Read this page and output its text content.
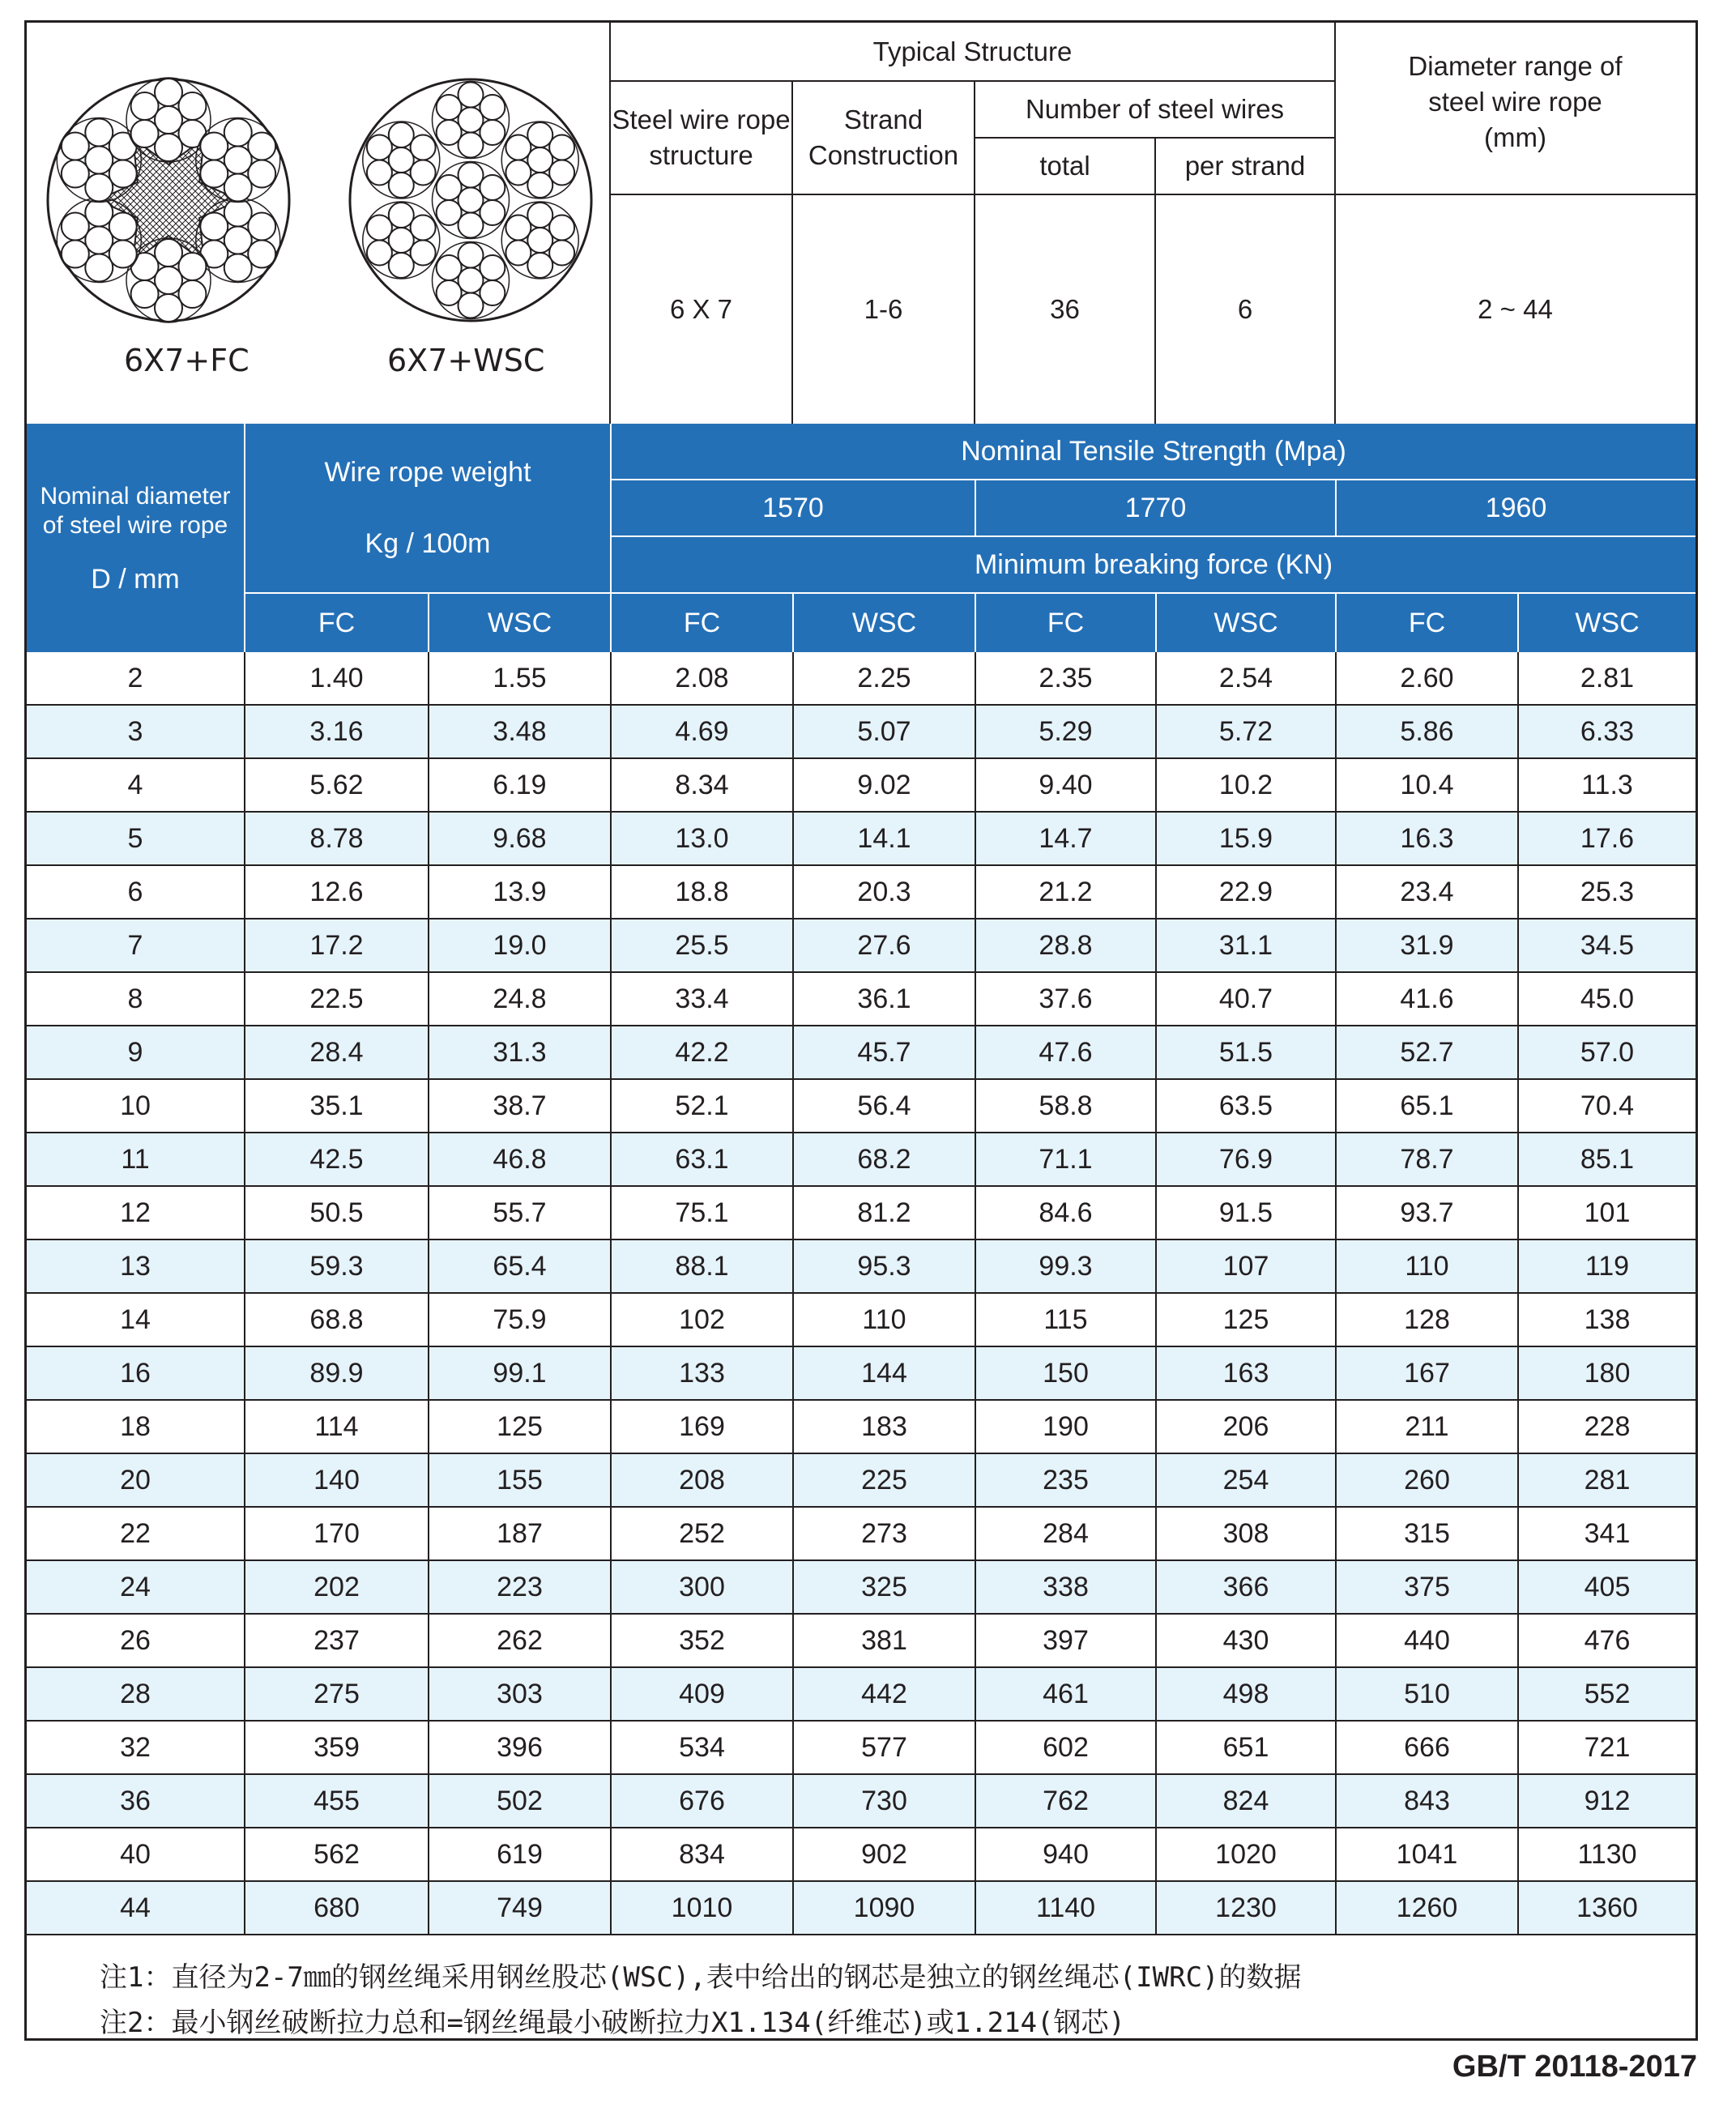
6X7+FC	6X7+WSC
Typical Structure
Steel wire rope
structure
Strand
Construction
Number of steel wires
total	per strand
Diameter range of
steel wire rope
(mm)
6 X 7	1-6	36	6	2 ~ 44
Nominal diameter
of steel wire rope
D / mm
Wire rope weight
Kg / 100m
Nominal Tensile Strength (Mpa)
1570	1770	1960
Minimum breaking force (KN)
FC	WSC	FC	WSC	FC	WSC	FC	WSC
2	1.40	1.55	2.08	2.25	2.35	2.54	2.60	2.81
3	3.16	3.48	4.69	5.07	5.29	5.72	5.86	6.33
4	5.62	6.19	8.34	9.02	9.40	10.2	10.4	11.3
5	8.78	9.68	13.0	14.1	14.7	15.9	16.3	17.6
6	12.6	13.9	18.8	20.3	21.2	22.9	23.4	25.3
7	17.2	19.0	25.5	27.6	28.8	31.1	31.9	34.5
8	22.5	24.8	33.4	36.1	37.6	40.7	41.6	45.0
9	28.4	31.3	42.2	45.7	47.6	51.5	52.7	57.0
10	35.1	38.7	52.1	56.4	58.8	63.5	65.1	70.4
11	42.5	46.8	63.1	68.2	71.1	76.9	78.7	85.1
12	50.5	55.7	75.1	81.2	84.6	91.5	93.7	101
13	59.3	65.4	88.1	95.3	99.3	107	110	119
14	68.8	75.9	102	110	115	125	128	138
16	89.9	99.1	133	144	150	163	167	180
18	114	125	169	183	190	206	211	228
20	140	155	208	225	235	254	260	281
22	170	187	252	273	284	308	315	341
24	202	223	300	325	338	366	375	405
26	237	262	352	381	397	430	440	476
28	275	303	409	442	461	498	510	552
32	359	396	534	577	602	651	666	721
36	455	502	676	730	762	824	843	912
40	562	619	834	902	940	1020	1041	1130
44	680	749	1010	1090	1140	1230	1260	1360
注1：直径为2-7㎜的钢丝绳采用钢丝股芯(WSC),表中给出的钢芯是独立的钢丝绳芯(IWRC)的数据
注2：最小钢丝破断拉力总和=钢丝绳最小破断拉力X1.134(纤维芯)或1.214(钢芯)
GB/T 20118-2017
